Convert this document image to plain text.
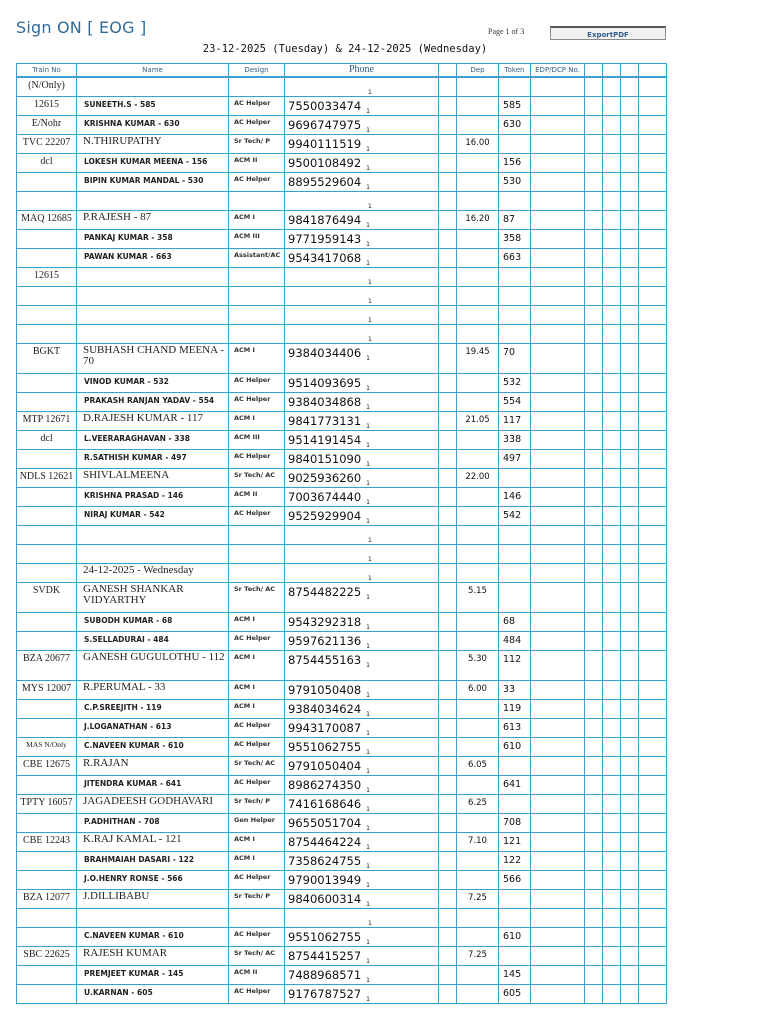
Sign ON [ EOG ]	Page 1 of 3	ExportPDF
23-12-2025 (Tuesday) & 24-12-2025 (Wednesday)
Train No	Name	Design	Phone		Dep	Token	EDP/DCP No.				
(N/Only)			$_1$								
12615	SUNEETH.S - 585	AC Helper	7550033474 $_1$			585					
E/Nohr	KRISHNA KUMAR - 630	AC Helper	9696747975 $_1$			630					
TVC 22207	N.THIRUPATHY	Sr Tech/ P	9940111519 $_1$		16.00						
dcl	LOKESH KUMAR MEENA - 156	ACM II	9500108492 $_1$			156					
	BIPIN KUMAR MANDAL - 530	AC Helper	8895529604 $_1$			530					
			$_1$								
MAQ 12685	P.RAJESH - 87	ACM I	9841876494 $_1$		16.20	87					
	PANKAJ KUMAR - 358	ACM III	9771959143 $_1$			358					
	PAWAN KUMAR - 663	Assistant/AC	9543417068 $_1$			663					
12615			$_1$								
			$_1$								
			$_1$								
			$_1$								
BGKT	SUBHASH CHAND MEENA - 70	ACM I	9384034406 $_1$		19.45	70					
	VINOD KUMAR - 532	AC Helper	9514093695 $_1$			532					
	PRAKASH RANJAN YADAV - 554	AC Helper	9384034868 $_1$			554					
MTP 12671	D.RAJESH KUMAR - 117	ACM I	9841773131 $_1$		21.05	117					
dcl	L.VEERARAGHAVAN - 338	ACM III	9514191454 $_1$			338					
	R.SATHISH KUMAR - 497	AC Helper	9840151090 $_1$			497					
NDLS 12621	SHIVLALMEENA	Sr Tech/ AC	9025936260 $_1$		22.00						
	KRISHNA PRASAD - 146	ACM II	7003674440 $_1$			146					
	NIRAJ KUMAR - 542	AC Helper	9525929904 $_1$			542					
			$_1$								
			$_1$								
	24-12-2025 - Wednesday		$_1$								
SVDK	GANESH SHANKAR VIDYARTHY	Sr Tech/ AC	8754482225 $_1$		5.15						
	SUBODH KUMAR - 68	ACM I	9543292318 $_1$			68					
	S.SELLADURAI - 484	AC Helper	9597621136 $_1$			484					
BZA 20677	GANESH GUGULOTHU - 112	ACM I	8754455163 $_1$		5.30	112					
MYS 12007	R.PERUMAL - 33	ACM I	9791050408 $_1$		6.00	33					
	C.P.SREEJITH - 119	ACM I	9384034624 $_1$			119					
	J.LOGANATHAN - 613	AC Helper	9943170087 $_1$			613					
MAS N/Only	C.NAVEEN KUMAR - 610	AC Helper	9551062755 $_1$			610					
CBE 12675	R.RAJAN	Sr Tech/ AC	9791050404 $_1$		6.05						
	JITENDRA KUMAR - 641	AC Helper	8986274350 $_1$			641					
TPTY 16057	JAGADEESH GODHAVARI	Sr Tech/ P	7416168646 $_1$		6.25						
	P.ADHITHAN - 708	Gen Helper	9655051704 $_1$			708					
CBE 12243	K.RAJ KAMAL - 121	ACM I	8754464224 $_1$		7.10	121					
	BRAHMAIAH DASARI - 122	ACM I	7358624755 $_1$			122					
	J.O.HENRY RONSE - 566	AC Helper	9790013949 $_1$			566					
BZA 12077	J.DILLIBABU	Sr Tech/ P	9840600314 $_1$		7.25						
			$_1$								
	C.NAVEEN KUMAR - 610	AC Helper	9551062755 $_1$			610					
SBC 22625	RAJESH KUMAR	Sr Tech/ AC	8754415257 $_1$		7.25						
	PREMJEET KUMAR - 145	ACM II	7488968571 $_1$			145					
	U.KARNAN - 605	AC Helper	9176787527 $_1$			605					
